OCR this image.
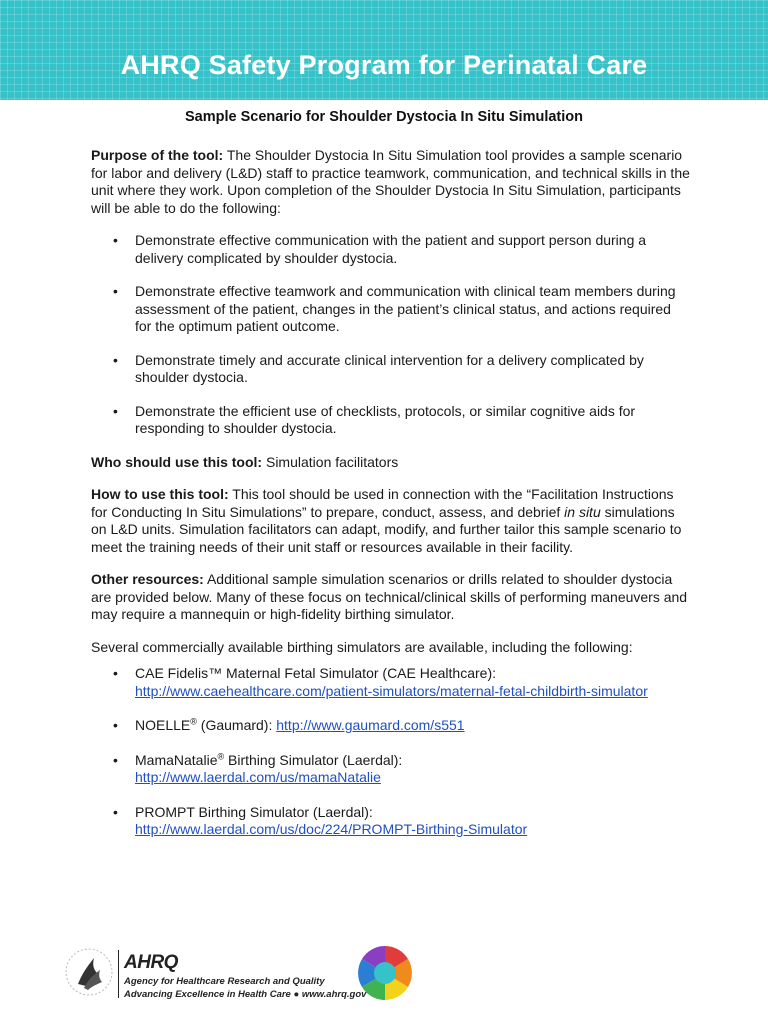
AHRQ Safety Program for Perinatal Care
Sample Scenario for Shoulder Dystocia In Situ Simulation

Purpose of the tool: The Shoulder Dystocia In Situ Simulation tool provides a sample scenario for labor and delivery (L&D) staff to practice teamwork, communication, and technical skills in the unit where they work. Upon completion of the Shoulder Dystocia In Situ Simulation, participants will be able to do the following:

• Demonstrate effective communication with the patient and support person during a delivery complicated by shoulder dystocia.
• Demonstrate effective teamwork and communication with clinical team members during assessment of the patient, changes in the patient’s clinical status, and actions required for the optimum patient outcome.
• Demonstrate timely and accurate clinical intervention for a delivery complicated by shoulder dystocia.
• Demonstrate the efficient use of checklists, protocols, or similar cognitive aids for responding to shoulder dystocia.

Who should use this tool: Simulation facilitators

How to use this tool: This tool should be used in connection with the “Facilitation Instructions for Conducting In Situ Simulations” to prepare, conduct, assess, and debrief in situ simulations on L&D units. Simulation facilitators can adapt, modify, and further tailor this sample scenario to meet the training needs of their unit staff or resources available in their facility.

Other resources: Additional sample simulation scenarios or drills related to shoulder dystocia are provided below. Many of these focus on technical/clinical skills of performing maneuvers and may require a mannequin or high-fidelity birthing simulator.

Several commercially available birthing simulators are available, including the following:

• CAE Fidelis™ Maternal Fetal Simulator (CAE Healthcare):
http://www.caehealthcare.com/patient-simulators/maternal-fetal-childbirth-simulator
• NOELLE® (Gaumard): http://www.gaumard.com/s551
• MamaNatalie® Birthing Simulator (Laerdal):
http://www.laerdal.com/us/mamaNatalie
• PROMPT Birthing Simulator (Laerdal):
http://www.laerdal.com/us/doc/224/PROMPT-Birthing-Simulator
AHRQ
Agency for Healthcare Research and Quality
Advancing Excellence in Health Care ● www.ahrq.gov
